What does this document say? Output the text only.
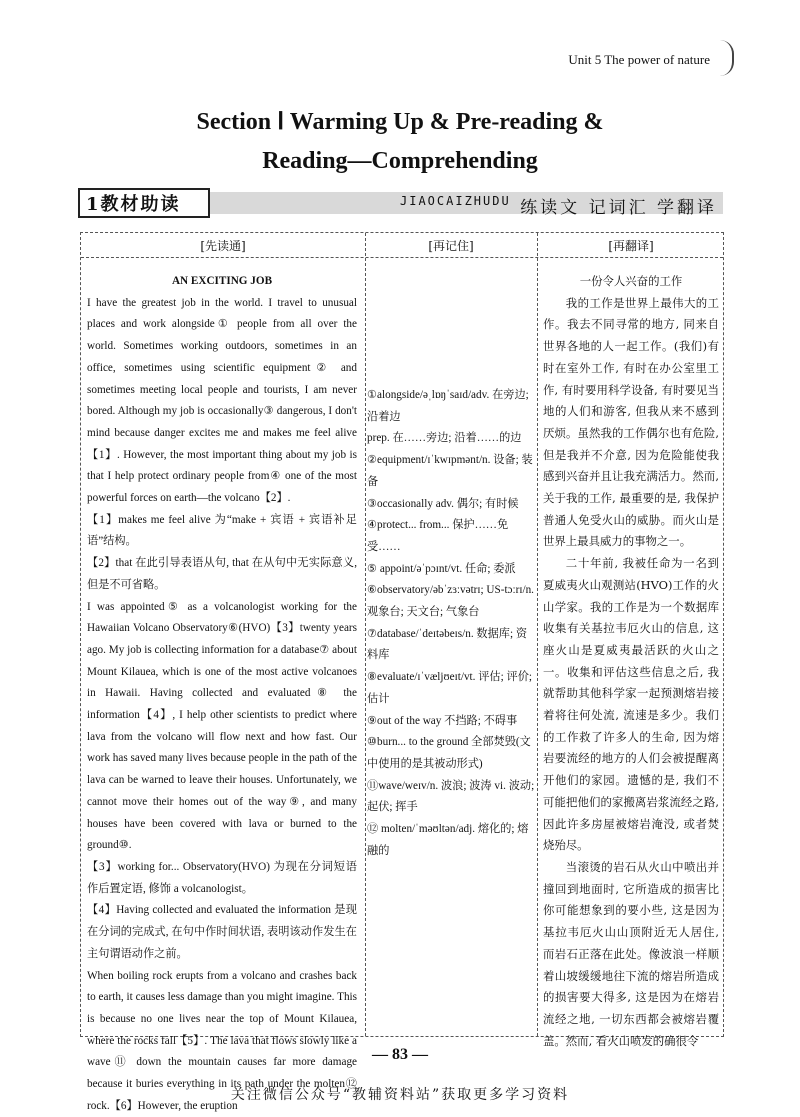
Unit 5 The power of nature
Section Ⅰ Warming Up & Pre-reading &
Reading—Comprehending
JIAOCAIZHUDU 练读文 记词汇 学翻译
1教材助读
[先读通]	[再记住]	[再翻译]

AN EXCITING JOB

I have the greatest job in the world. I travel to unusual places and work alongside① people from all over the world. Sometimes working outdoors, sometimes in an office, sometimes using scientific equipment② and sometimes meeting local people and tourists, I am never bored. Although my job is occasionally③ dangerous, I don't mind because danger excites me and makes me feel alive【1】. However, the most important thing about my job is that I help protect ordinary people from④ one of the most powerful forces on earth—the volcano【2】.

【1】makes me feel alive 为“make + 宾语 + 宾语补足语”结构。

【2】that 在此引导表语从句, that 在从句中无实际意义, 但是不可省略。

I was appointed⑤ as a volcanologist working for the Hawaiian Volcano Observatory⑥(HVO)【3】twenty years ago. My job is collecting information for a database⑦ about Mount Kilauea, which is one of the most active volcanoes in Hawaii. Having collected and evaluated⑧ the information【4】, I help other scientists to predict where lava from the volcano will flow next and how fast. Our work has saved many lives because people in the path of the lava can be warned to leave their houses. Unfortunately, we cannot move their homes out of the way⑨, and many houses have been covered with lava or burned to the ground⑩.

【3】working for... Observatory(HVO) 为现在分词短语作后置定语, 修饰 a volcanologist。

【4】Having collected and evaluated the information 是现在分词的完成式, 在句中作时间状语, 表明该动作发生在主句谓语动作之前。

When boiling rock erupts from a volcano and crashes back to earth, it causes less damage than you might imagine. This is because no one lives near the top of Mount Kilauea, where the rocks fall【5】. The lava that flows slowly like a wave⑪ down the mountain causes far more damage because it buries everything in its path under the molten⑫ rock.【6】However, the eruption

①alongside/əˌlɒŋˈsaɪd/adv. 在旁边; 沿着边

prep. 在……旁边; 沿着……的边

②equipment/ɪˈkwɪpmənt/n. 设备; 装备

③occasionally adv. 偶尔; 有时候

④protect... from... 保护……免受……

⑤ appoint/əˈpɔɪnt/vt. 任命; 委派

⑥observatory/əbˈzɜːvətrɪ; US-tɔːrɪ/n. 观象台; 天文台; 气象台

⑦database/ˈdeɪtəbeɪs/n. 数据库; 资料库

⑧evaluate/ɪˈvæljʊeɪt/vt. 评估; 评价; 估计

⑨out of the way 不挡路; 不碍事

⑩burn... to the ground 全部焚毁(文中使用的是其被动形式)

⑪wave/weɪv/n. 波浪; 波涛 vi. 波动; 起伏; 挥手

⑫ molten/ˈməʊltən/adj. 熔化的; 熔融的

一份令人兴奋的工作

我的工作是世界上最伟大的工作。我去不同寻常的地方, 同来自世界各地的人一起工作。(我们)有时在室外工作, 有时在办公室里工作, 有时要用科学设备, 有时要见当地的人们和游客, 但我从来不感到厌烦。虽然我的工作偶尔也有危险, 但是我并不介意, 因为危险能使我感到兴奋并且让我充满活力。然而, 关于我的工作, 最重要的是, 我保护普通人免受火山的威胁。而火山是世界上最具威力的事物之一。

二十年前, 我被任命为一名到夏威夷火山观测站(HVO)工作的火山学家。我的工作是为一个数据库收集有关基拉韦厄火山的信息, 这座火山是夏威夷最活跃的火山之一。收集和评估这些信息之后, 我就帮助其他科学家一起预测熔岩接着将往何处流, 流速是多少。我们的工作救了许多人的生命, 因为熔岩要流经的地方的人们会被提醒离开他们的家园。遗憾的是, 我们不可能把他们的家搬离岩浆流经之路, 因此许多房屋被熔岩淹没, 或者焚烧殆尽。

当滚烫的岩石从火山中喷出并撞回到地面时, 它所造成的损害比你可能想象到的要小些, 这是因为基拉韦厄火山山顶附近无人居住, 而岩石正落在此处。像波浪一样顺着山坡缓缓地往下流的熔岩所造成的损害要大得多, 这是因为在熔岩流经之地, 一切东西都会被熔岩覆盖。然而, 看火山喷发的确很令

— 83 —
关注微信公众号“教辅资料站”获取更多学习资料
